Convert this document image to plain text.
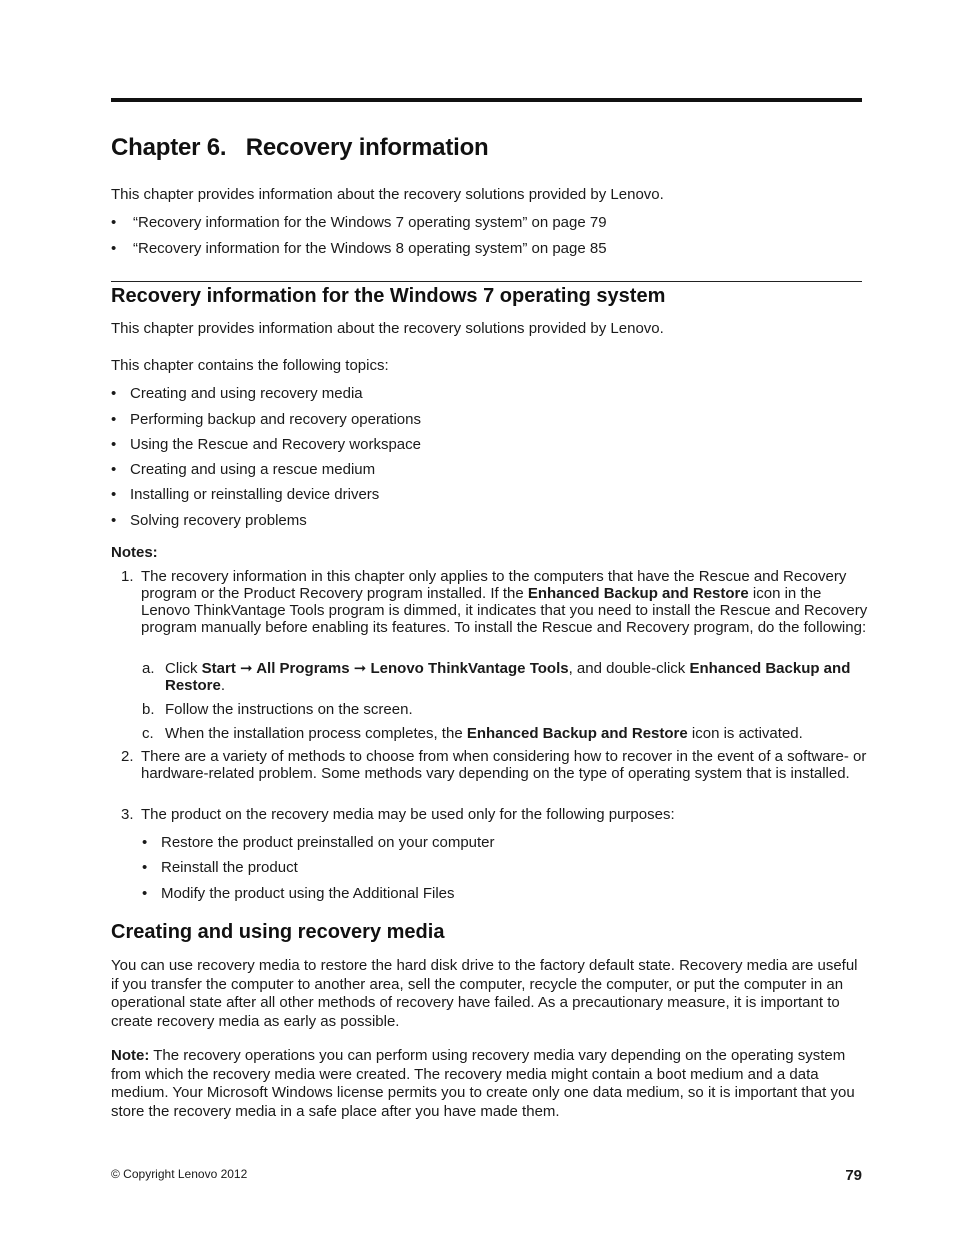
Chapter 6.   Recovery information

This chapter provides information about the recovery solutions provided by Lenovo.

• “Recovery information for the Windows 7 operating system” on page 79
• “Recovery information for the Windows 8 operating system” on page 85
Recovery information for the Windows 7 operating system

This chapter provides information about the recovery solutions provided by Lenovo.

This chapter contains the following topics:

• Creating and using recovery media
• Performing backup and recovery operations
• Using the Rescue and Recovery workspace
• Creating and using a rescue medium
• Installing or reinstalling device drivers
• Solving recovery problems

Notes:

1. The recovery information in this chapter only applies to the computers that have the Rescue and Recovery program or the Product Recovery program installed. If the Enhanced Backup and Restore icon in the Lenovo ThinkVantage Tools program is dimmed, it indicates that you need to install the Rescue and Recovery program manually before enabling its features. To install the Rescue and Recovery program, do the following:
a. Click Start ➞ All Programs ➞ Lenovo ThinkVantage Tools, and double-click Enhanced Backup and Restore.
b. Follow the instructions on the screen.
c. When the installation process completes, the Enhanced Backup and Restore icon is activated.
2. There are a variety of methods to choose from when considering how to recover in the event of a software- or hardware-related problem. Some methods vary depending on the type of operating system that is installed.
3. The product on the recovery media may be used only for the following purposes:
• Restore the product preinstalled on your computer
• Reinstall the product
• Modify the product using the Additional Files
Creating and using recovery media

You can use recovery media to restore the hard disk drive to the factory default state. Recovery media are useful if you transfer the computer to another area, sell the computer, recycle the computer, or put the computer in an operational state after all other methods of recovery have failed. As a precautionary measure, it is important to create recovery media as early as possible.

Note: The recovery operations you can perform using recovery media vary depending on the operating system from which the recovery media were created. The recovery media might contain a boot medium and a data medium. Your Microsoft Windows license permits you to create only one data medium, so it is important that you store the recovery media in a safe place after you have made them.

© Copyright Lenovo 2012	79
